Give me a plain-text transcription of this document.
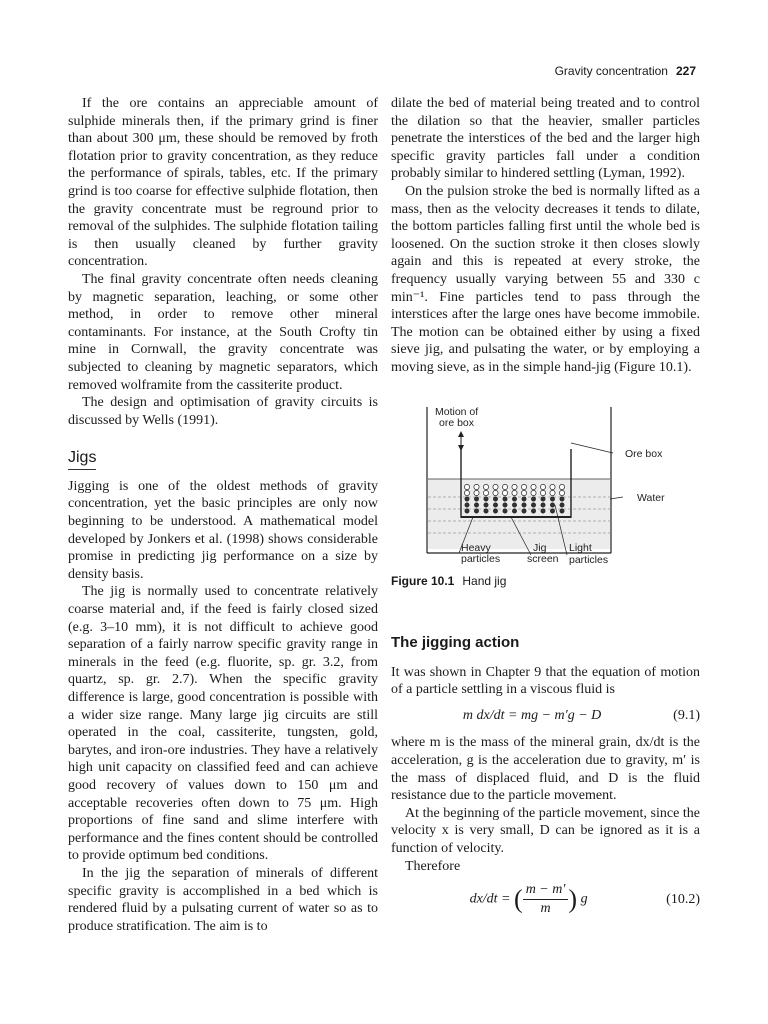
Gravity concentration 227

If the ore contains an appreciable amount of sulphide minerals then, if the primary grind is finer than about 300 μm, these should be removed by froth flotation prior to gravity concentration, as they reduce the performance of spirals, tables, etc. If the primary grind is too coarse for effective sulphide flotation, then the gravity concentrate must be reground prior to removal of the sulphides. The sulphide flotation tailing is then usually cleaned by further gravity concentration.

The final gravity concentrate often needs cleaning by magnetic separation, leaching, or some other method, in order to remove other mineral contaminants. For instance, at the South Crofty tin mine in Cornwall, the gravity concentrate was subjected to cleaning by magnetic separators, which removed wolframite from the cassiterite product.

The design and optimisation of gravity circuits is discussed by Wells (1991).

Jigs

Jigging is one of the oldest methods of gravity concentration, yet the basic principles are only now beginning to be understood. A mathematical model developed by Jonkers et al. (1998) shows considerable promise in predicting jig performance on a size by density basis.

The jig is normally used to concentrate relatively coarse material and, if the feed is fairly closed sized (e.g. 3–10 mm), it is not difficult to achieve good separation of a fairly narrow specific gravity range in minerals in the feed (e.g. fluorite, sp. gr. 3.2, from quartz, sp. gr. 2.7). When the specific gravity difference is large, good concentration is possible with a wider size range. Many large jig circuits are still operated in the coal, cassiterite, tungsten, gold, barytes, and iron-ore industries. They have a relatively high unit capacity on classified feed and can achieve good recovery of values down to 150 μm and acceptable recoveries often down to 75 μm. High proportions of fine sand and slime interfere with performance and the fines content should be controlled to provide optimum bed conditions.

In the jig the separation of minerals of different specific gravity is accomplished in a bed which is rendered fluid by a pulsating current of water so as to produce stratification. The aim is to

dilate the bed of material being treated and to control the dilation so that the heavier, smaller particles penetrate the interstices of the bed and the larger high specific gravity particles fall under a condition probably similar to hindered settling (Lyman, 1992).

On the pulsion stroke the bed is normally lifted as a mass, then as the velocity decreases it tends to dilate, the bottom particles falling first until the whole bed is loosened. On the suction stroke it then closes slowly again and this is repeated at every stroke, the frequency usually varying between 55 and 330 c min⁻¹. Fine particles tend to pass through the interstices after the large ones have become immobile. The motion can be obtained either by using a fixed sieve jig, and pulsating the water, or by employing a moving sieve, as in the simple hand-jig (Figure 10.1).

Motion of
ore box
Ore box
Water
Heavy
particles
Jig
screen
Light
particles
Figure 10.1 Hand jig
The jigging action

It was shown in Chapter 9 that the equation of motion of a particle settling in a viscous fluid is

m dx/dt = mg − m′g − D	(9.1)

where m is the mass of the mineral grain, dx/dt is the acceleration, g is the acceleration due to gravity, m′ is the mass of displaced fluid, and D is the fluid resistance due to the particle movement.

At the beginning of the particle movement, since the velocity x is very small, D can be ignored as it is a function of velocity.

Therefore

dx/dt = ( $\frac{m - m'}{m}$ ) g	(10.2)
